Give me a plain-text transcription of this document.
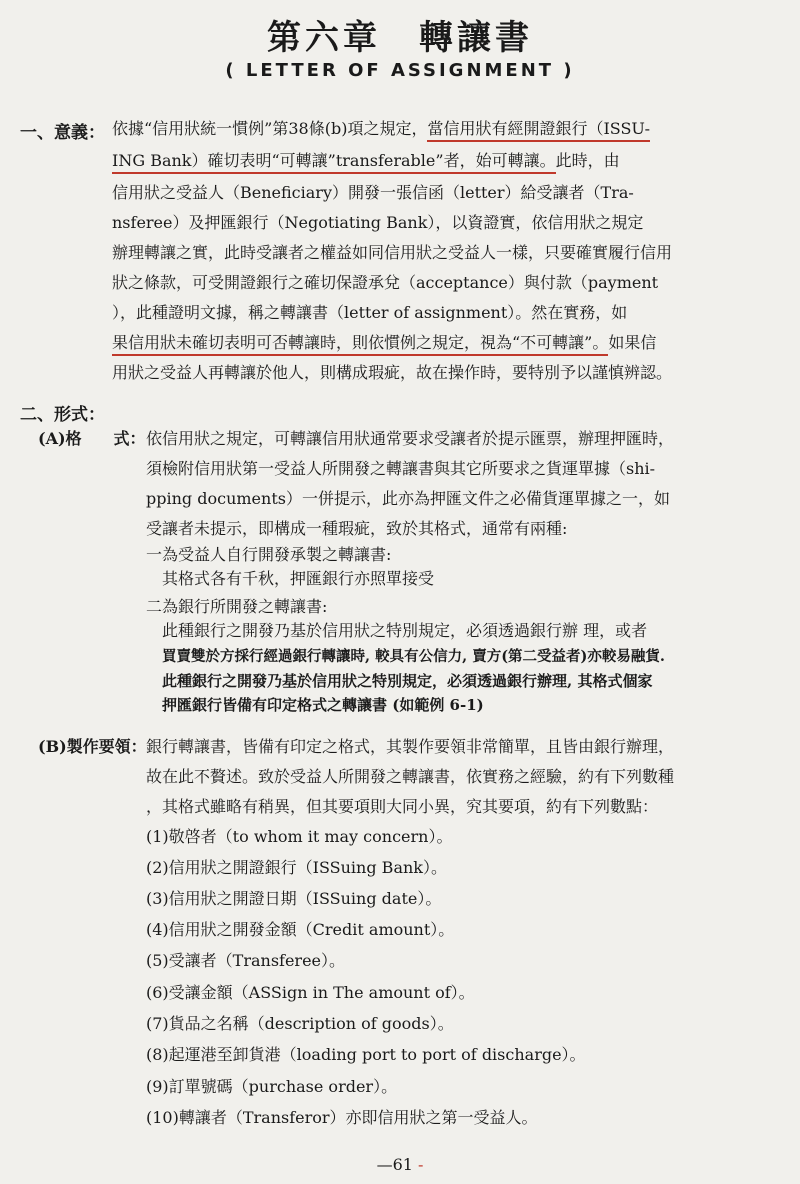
第六章　轉讓書
( LETTER OF ASSIGNMENT )
一、意義： 依據“信用狀統一慣例”第38條(b)項之規定，當信用狀有經開證銀行（ISSU-
ING Bank）確切表明“可轉讓”transferable”者，始可轉讓。此時，由
信用狀之受益人（Beneficiary）開發一張信函（letter）給受讓者（Tra-
nsferee）及押匯銀行（Negotiating Bank），以資證實，依信用狀之規定
辦理轉讓之實，此時受讓者之權益如同信用狀之受益人一樣，只要確實履行信用
狀之條款，可受開證銀行之確切保證承兌（acceptance）與付款（payment
），此種證明文據，稱之轉讓書（letter of assignment）。然在實務，如
果信用狀未確切表明可否轉讓時，則依慣例之規定，視為“不可轉讓”。如果信
用狀之受益人再轉讓於他人，則構成瑕疵，故在操作時，要特別予以謹慎辨認。
二、形式：
(A)格　　式： 依信用狀之規定，可轉讓信用狀通常要求受讓者於提示匯票，辦理押匯時，
須檢附信用狀第一受益人所開發之轉讓書與其它所要求之貨運單據（shi-
pping documents）一併提示，此亦為押匯文件之必備貨運單據之一，如
受讓者未提示，即構成一種瑕疵，致於其格式，通常有兩種:
一為受益人自行開發承製之轉讓書:
其格式各有千秋，押匯銀行亦照單接受
二為銀行所開發之轉讓書:
此種銀行之開發乃基於信用狀之特別規定，必須透過銀行辦 理，或者
買賣雙於方採行經過銀行轉讓時, 較具有公信力, 賣方(第二受益者)亦較易融貨.
此種銀行之開發乃基於信用狀之特別規定，必須透過銀行辦理, 其格式個家
押匯銀行皆備有印定格式之轉讓書 (如範例 6-1)
(B)製作要領： 銀行轉讓書，皆備有印定之格式，其製作要領非常簡單，且皆由銀行辦理，
故在此不贅述。致於受益人所開發之轉讓書，依實務之經驗，約有下列數種
，其格式雖略有稍異，但其要項則大同小異，究其要項，約有下列數點：
(1)敬啓者（to whom it may concern）。
(2)信用狀之開證銀行（ISSuing Bank）。
(3)信用狀之開證日期（ISSuing date）。
(4)信用狀之開發金額（Credit amount）。
(5)受讓者（Transferee）。
(6)受讓金額（ASSign in The amount of）。
(7)貨品之名稱（description of goods）。
(8)起運港至卸貨港（loading port to port of discharge）。
(9)訂單號碼（purchase order）。
(10)轉讓者（Transferor）亦即信用狀之第一受益人。
—61 -
